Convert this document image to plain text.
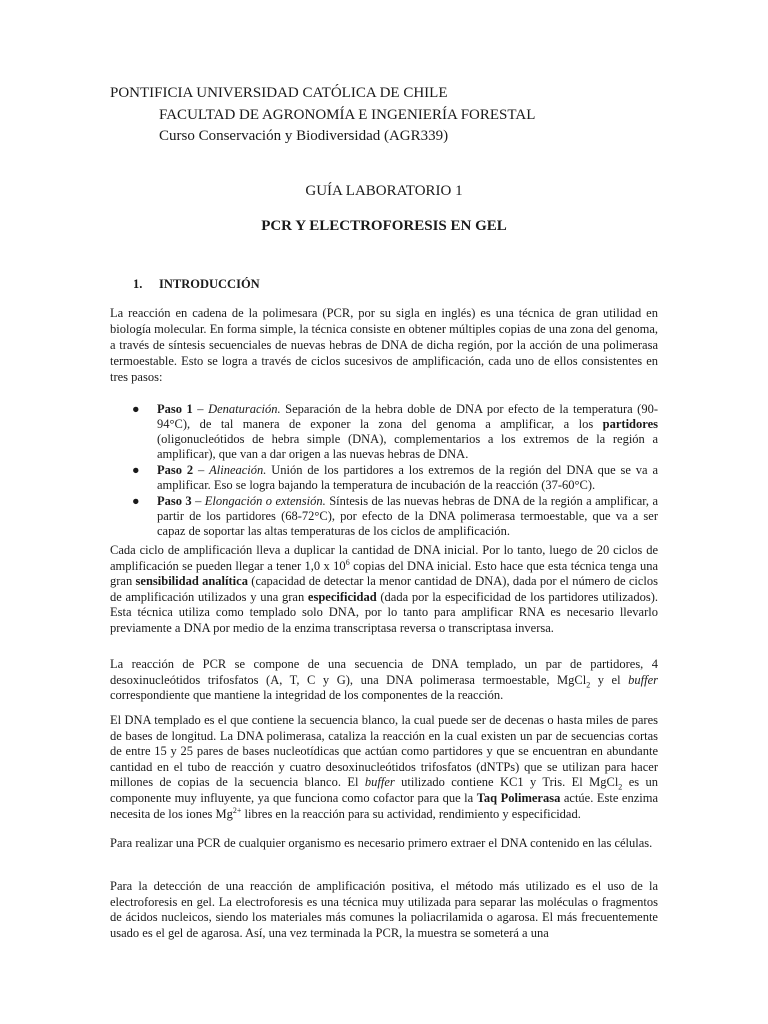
PONTIFICIA UNIVERSIDAD CATÓLICA DE CHILE
FACULTAD DE AGRONOMÍA E INGENIERÍA FORESTAL
Curso Conservación y Biodiversidad (AGR339)
GUÍA LABORATORIO 1
PCR Y ELECTROFORESIS EN GEL
1. INTRODUCCIÓN

La reacción en cadena de la polimesara (PCR, por su sigla en inglés) es una técnica de gran utilidad en biología molecular. En forma simple, la técnica consiste en obtener múltiples copias de una zona del genoma, a través de síntesis secuenciales de nuevas hebras de DNA de dicha región, por la acción de una polimerasa termoestable. Esto se logra a través de ciclos sucesivos de amplificación, cada uno de ellos consistentes en tres pasos:

● Paso 1 – Denaturación. Separación de la hebra doble de DNA por efecto de la temperatura (90-94°C), de tal manera de exponer la zona del genoma a amplificar, a los partidores (oligonucleótidos de hebra simple (DNA), complementarios a los extremos de la región a amplificar), que van a dar origen a las nuevas hebras de DNA.
● Paso 2 – Alineación. Unión de los partidores a los extremos de la región del DNA que se va a amplificar. Eso se logra bajando la temperatura de incubación de la reacción (37-60°C).
● Paso 3 – Elongación o extensión. Síntesis de las nuevas hebras de DNA de la región a amplificar, a partir de los partidores (68-72°C), por efecto de la DNA polimerasa termoestable, que va a ser capaz de soportar las altas temperaturas de los ciclos de amplificación.

Cada ciclo de amplificación lleva a duplicar la cantidad de DNA inicial. Por lo tanto, luego de 20 ciclos de amplificación se pueden llegar a tener 1,0 x $10^6$ copias del DNA inicial. Esto hace que esta técnica tenga una gran sensibilidad analítica (capacidad de detectar la menor cantidad de DNA), dada por el número de ciclos de amplificación utilizados y una gran especificidad (dada por la especificidad de los partidores utilizados). Esta técnica utiliza como templado solo DNA, por lo tanto para amplificar RNA es necesario llevarlo previamente a DNA por medio de la enzima transcriptasa reversa o transcriptasa inversa.

La reacción de PCR se compone de una secuencia de DNA templado, un par de partidores, 4 desoxinucleótidos trifosfatos (A, T, C y G), una DNA polimerasa termoestable, MgCl$_2$ y el buffer correspondiente que mantiene la integridad de los componentes de la reacción.

El DNA templado es el que contiene la secuencia blanco, la cual puede ser de decenas o hasta miles de pares de bases de longitud. La DNA polimerasa, cataliza la reacción en la cual existen un par de secuencias cortas de entre 15 y 25 pares de bases nucleotídicas que actúan como partidores y que se encuentran en abundante cantidad en el tubo de reacción y cuatro desoxinucleótidos trifosfatos (dNTPs) que se utilizan para hacer millones de copias de la secuencia blanco. El buffer utilizado contiene KC1 y Tris. El MgCl$_2$ es un componente muy influyente, ya que funciona como cofactor para que la Taq Polimerasa actúe. Este enzima necesita de los iones $Mg^{2+}$ libres en la reacción para su actividad, rendimiento y especificidad.

Para realizar una PCR de cualquier organismo es necesario primero extraer el DNA contenido en las células.

Para la detección de una reacción de amplificación positiva, el método más utilizado es el uso de la electroforesis en gel. La electroforesis es una técnica muy utilizada para separar las moléculas o fragmentos de ácidos nucleicos, siendo los materiales más comunes la poliacrilamida o agarosa. El más frecuentemente usado es el gel de agarosa. Así, una vez terminada la PCR, la muestra se someterá a una
